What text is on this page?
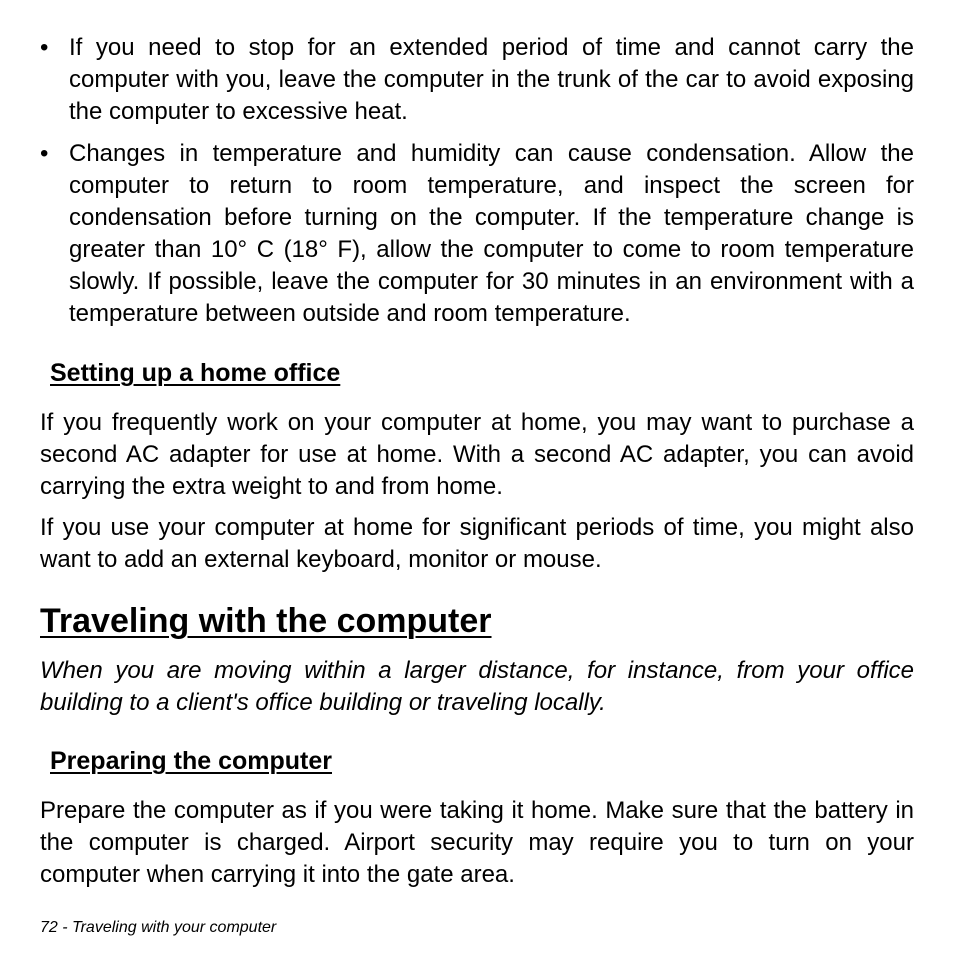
• If you need to stop for an extended period of time and cannot carry the computer with you, leave the computer in the trunk of the car to avoid exposing the computer to excessive heat.
• Changes in temperature and humidity can cause condensation. Allow the computer to return to room temperature, and inspect the screen for condensation before turning on the computer. If the temperature change is greater than 10° C (18° F), allow the computer to come to room temperature slowly. If possible, leave the computer for 30 minutes in an environment with a temperature between outside and room temperature.
Setting up a home office

If you frequently work on your computer at home, you may want to purchase a second AC adapter for use at home. With a second AC adapter, you can avoid carrying the extra weight to and from home.

If you use your computer at home for significant periods of time, you might also want to add an external keyboard, monitor or mouse.

Traveling with the computer

When you are moving within a larger distance, for instance, from your office building to a client's office building or traveling locally.

Preparing the computer

Prepare the computer as if you were taking it home. Make sure that the battery in the computer is charged. Airport security may require you to turn on your computer when carrying it into the gate area.

72 - Traveling with your computer
